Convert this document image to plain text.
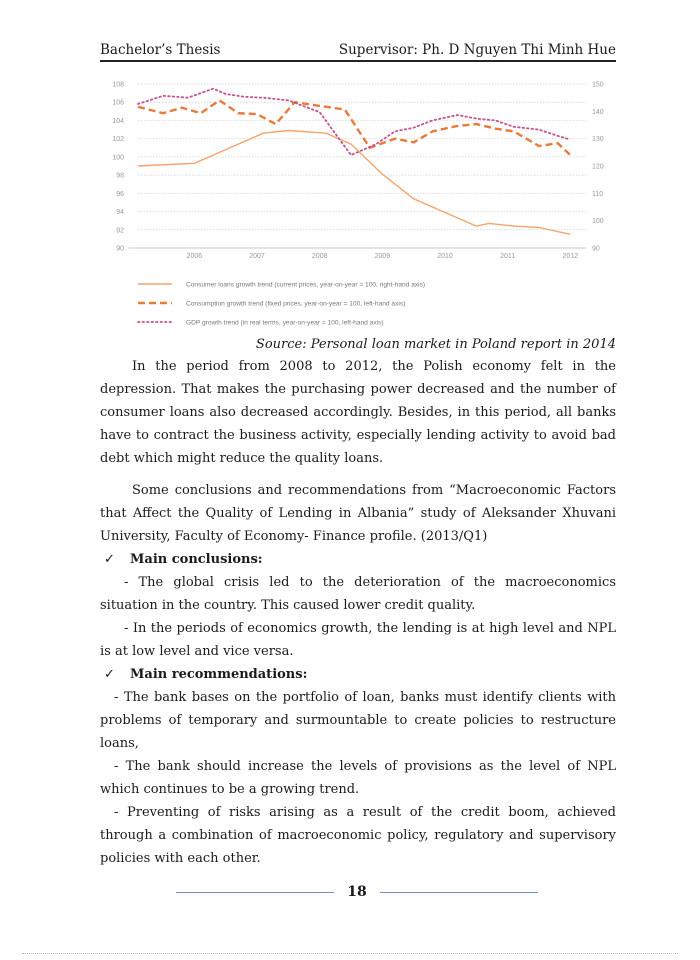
Bachelor’s Thesis	Supervisor: Ph. D Nguyen Thi Minh Hue
90
92
94
96
98
100
102
104
106
108
90
100
110
120
130
140
150
2006	2007	2008	2009	2010	2011	2012
Consumer loans growth trend (current prices, year-on-year = 100, right-hand axis)
Consumption growth trend (fixed prices, year-on-year = 100, left-hand axis)
GDP growth trend (in real terms, year-on-year = 100, left-hand axis)
Source: Personal loan market in Poland report in 2014

In the period from 2008 to 2012, the Polish economy felt in the depression. That makes the purchasing power decreased and the number of consumer loans also decreased accordingly. Besides, in this period, all banks have to contract the business activity, especially lending activity to avoid bad debt which might reduce the quality loans.

Some conclusions and recommendations from “Macroeconomic Factors that Affect the Quality of Lending in Albania” study of Aleksander Xhuvani University, Faculty of Economy- Finance profile. (2013/Q1)

✓ Main conclusions:

- The global crisis led to the deterioration of the macroeconomics situation in the country. This caused lower credit quality.

- In the periods of economics growth, the lending is at high level and NPL is at low level and vice versa.

✓ Main recommendations:

- The bank bases on the portfolio of loan, banks must identify clients with problems of temporary and surmountable to create policies to restructure loans,

- The bank should increase the levels of provisions as the level of NPL which continues to be a growing trend.

- Preventing of risks arising as a result of the credit boom, achieved through a combination of macroeconomic policy, regulatory and supervisory policies with each other.

18
